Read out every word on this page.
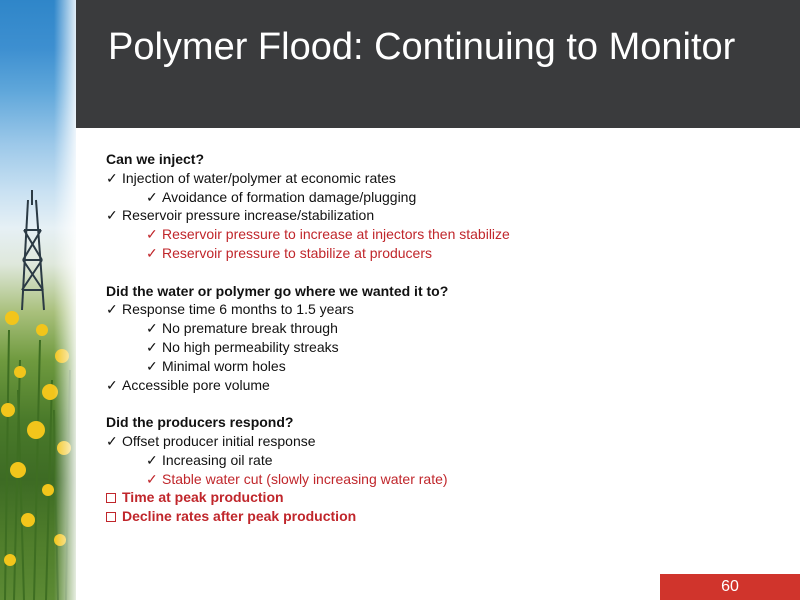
Polymer Flood: Continuing to Monitor
Can we inject?
✓ Injection of water/polymer at economic rates
✓ Avoidance of formation damage/plugging
✓ Reservoir pressure increase/stabilization
✓ Reservoir pressure to increase at injectors then stabilize
✓ Reservoir pressure to stabilize at producers
Did the water or polymer go where we wanted it to?
✓ Response time 6 months to 1.5 years
✓ No premature break through
✓ No high permeability streaks
✓ Minimal worm holes
✓ Accessible pore volume
Did the producers respond?
✓ Offset producer initial response
✓ Increasing oil rate
✓ Stable water cut (slowly increasing water rate)
Time at peak production
Decline rates after peak production
60
